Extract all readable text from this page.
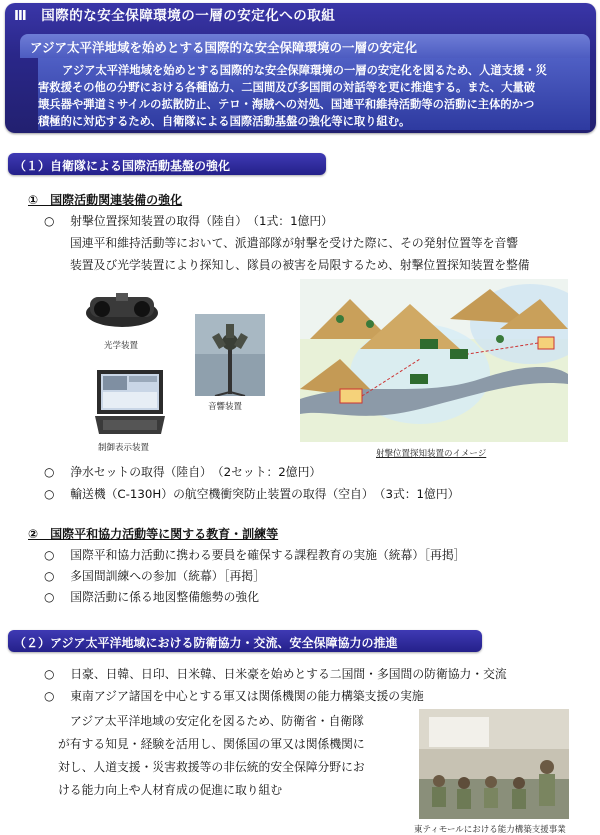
Ⅲ　国際的な安全保障環境の一層の安定化への取組
アジア太平洋地域を始めとする国際的な安全保障環境の一層の安定化
アジア太平洋地域を始めとする国際的な安全保障環境の一層の安定化を図るため、人道支援・災
害救援その他の分野における各種協力、二国間及び多国間の対話等を更に推進する。また、大量破
壊兵器や弾道ミサイルの拡散防止、テロ・海賊への対処、国連平和維持活動等の活動に主体的かつ
積極的に対応するため、自衛隊による国際活動基盤の強化等に取り組む。
（１）自衛隊による国際活動基盤の強化
①　国際活動関連装備の強化
○ 射撃位置探知装置の取得（陸自）　（1式：1億円）
国連平和維持活動等において、派遣部隊が射撃を受けた際に、その発射位置等を音響
装置及び光学装置により探知し、隊員の被害を局限するため、射撃位置探知装置を整備
光学装置
音響装置
制御表示装置
射撃位置探知装置のイメージ
○ 浄水セットの取得（陸自）　（2セット：2億円）
○ 輸送機（C-130H）の航空機衝突防止装置の取得（空自）　（3式：1億円）
②　国際平和協力活動等に関する教育・訓練等
○ 国際平和協力活動に携わる要員を確保する課程教育の実施（統幕）［再掲］
○ 多国間訓練への参加（統幕）［再掲］
○ 国際活動に係る地図整備態勢の強化
（２）アジア太平洋地域における防衛協力・交流、安全保障協力の推進
○ 日豪、日韓、日印、日米韓、日米豪を始めとする二国間・多国間の防衛協力・交流
○ 東南アジア諸国を中心とする軍又は関係機関の能力構築支援の実施
アジア太平洋地域の安定化を図るため、防衛省・自衛隊
が有する知見・経験を活用し、関係国の軍又は関係機関に
対し、人道支援・災害救援等の非伝統的安全保障分野にお
ける能力向上や人材育成の促進に取り組む
東ティモールにおける能力構築支援事業
